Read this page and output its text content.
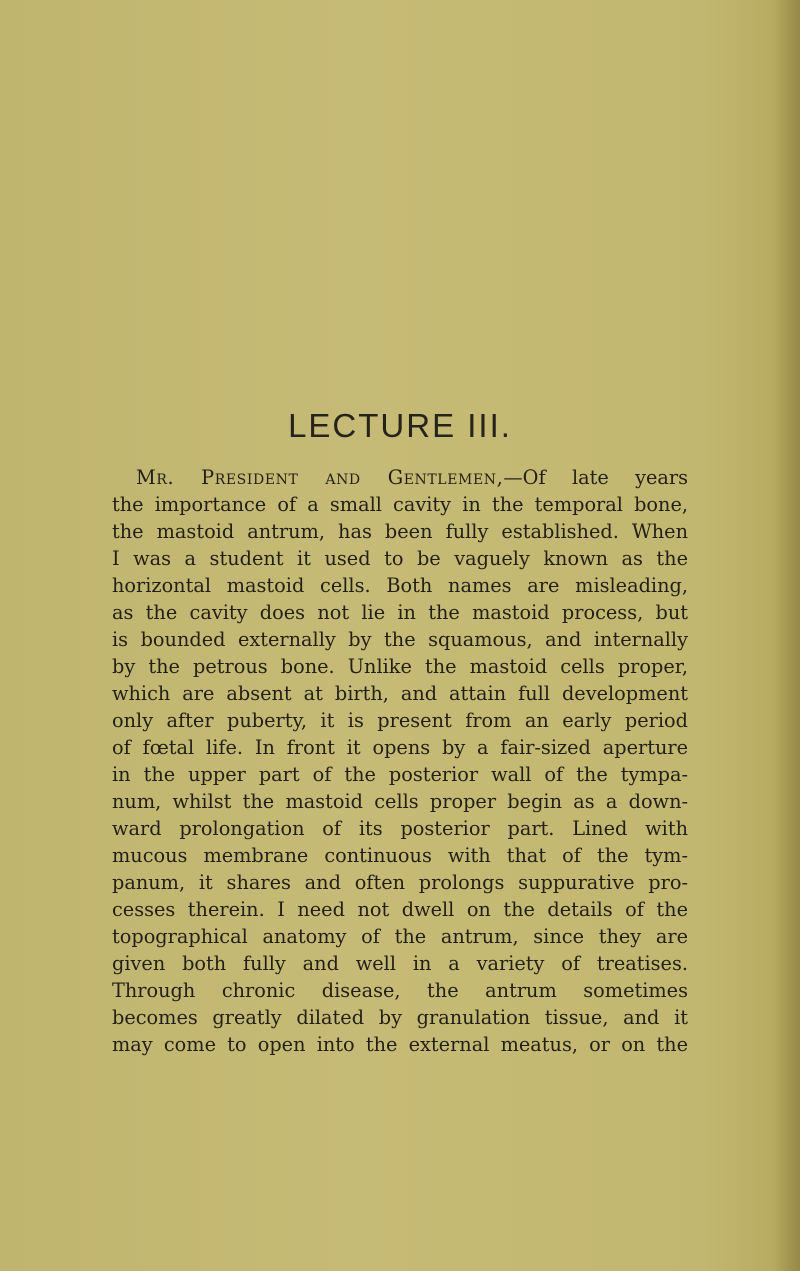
LECTURE III.
Mr. President and Gentlemen,—Of late years
the importance of a small cavity in the temporal bone,
the mastoid antrum, has been fully established. When
I was a student it used to be vaguely known as the
horizontal mastoid cells. Both names are misleading,
as the cavity does not lie in the mastoid process, but
is bounded externally by the squamous, and internally
by the petrous bone. Unlike the mastoid cells proper,
which are absent at birth, and attain full development
only after puberty, it is present from an early period
of fœtal life. In front it opens by a fair-sized aperture
in the upper part of the posterior wall of the tympa-
num, whilst the mastoid cells proper begin as a down-
ward prolongation of its posterior part. Lined with
mucous membrane continuous with that of the tym-
panum, it shares and often prolongs suppurative pro-
cesses therein. I need not dwell on the details of the
topographical anatomy of the antrum, since they are
given both fully and well in a variety of treatises.
Through chronic disease, the antrum sometimes
becomes greatly dilated by granulation tissue, and it
may come to open into the external meatus, or on the
